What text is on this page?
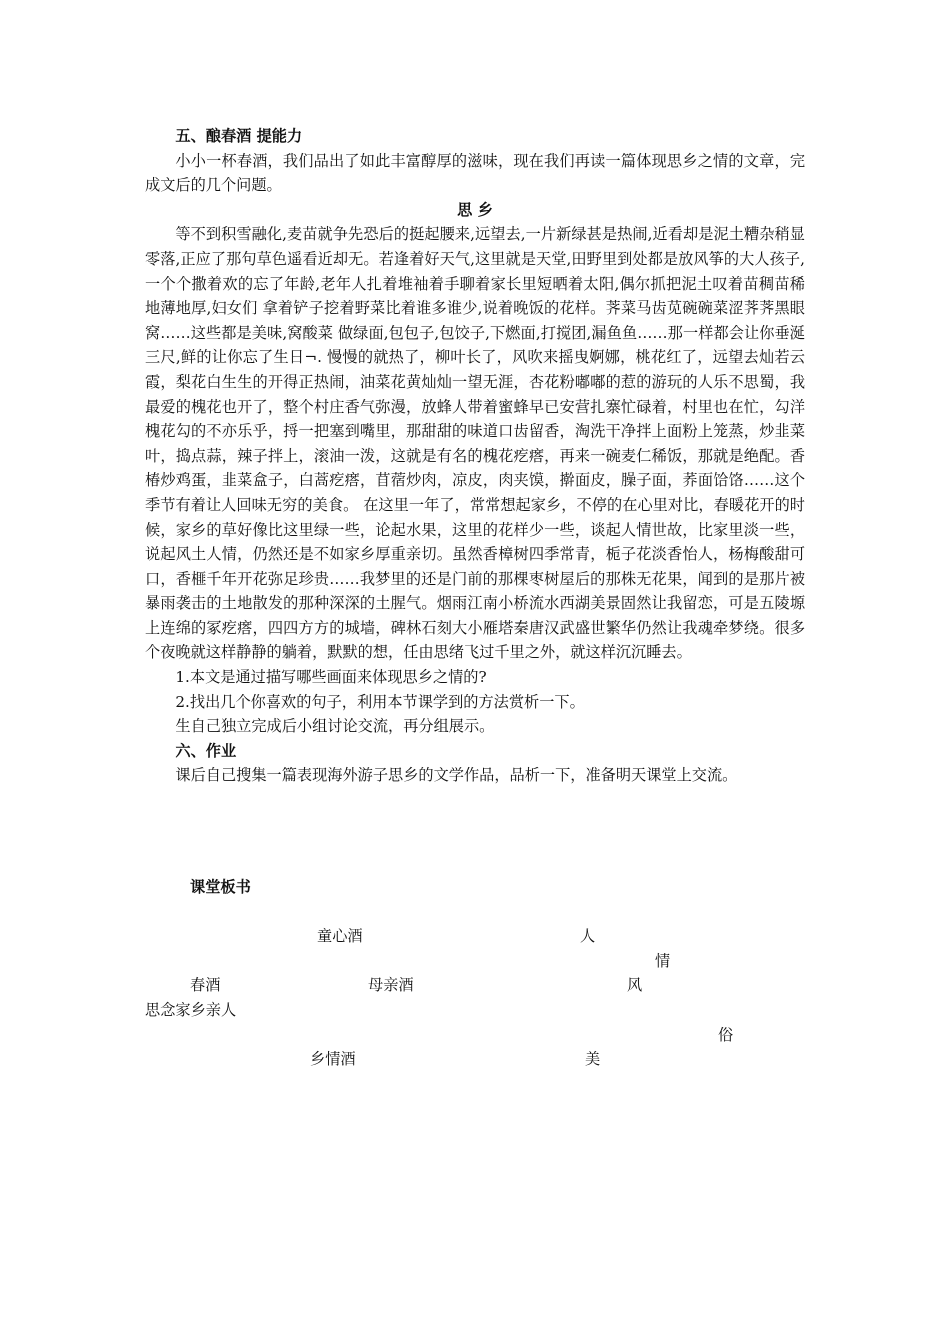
五、酿春酒 提能力

小小一杯春酒，我们品出了如此丰富醇厚的滋味，现在我们再读一篇体现思乡之情的文章，完成文后的几个问题。

思 乡

等不到积雪融化,麦苗就争先恐后的挺起腰来,远望去,一片新绿甚是热闹,近看却是泥土糟杂稍显零落,正应了那句草色遥看近却无。若逢着好天气,这里就是天堂,田野里到处都是放风筝的大人孩子,一个个撒着欢的忘了年龄,老年人扎着堆袖着手聊着家长里短晒着太阳,偶尔抓把泥土叹着苗稠苗稀地薄地厚,妇女们 拿着铲子挖着野菜比着谁多谁少,说着晚饭的花样。荠菜马齿苋碗碗菜涩荠荠黑眼窝……这些都是美味,窝酸菜 做绿面,包包子,包饺子,下燃面,打搅团,漏鱼鱼……那一样都会让你垂涎三尺,鲜的让你忘了生日¬. 慢慢的就热了，柳叶长了，风吹来摇曳婀娜，桃花红了，远望去灿若云霞，梨花白生生的开得正热闹，油菜花黄灿灿一望无涯，杏花粉嘟嘟的惹的游玩的人乐不思蜀，我最爱的槐花也开了，整个村庄香气弥漫，放蜂人带着蜜蜂早已安营扎寨忙碌着，村里也在忙，勾洋槐花勾的不亦乐乎，捋一把塞到嘴里，那甜甜的味道口齿留香，淘洗干净拌上面粉上笼蒸，炒韭菜叶，捣点蒜，辣子拌上，滚油一泼，这就是有名的槐花疙瘩，再来一碗麦仁稀饭，那就是绝配。香椿炒鸡蛋，韭菜盒子，白蒿疙瘩，苜蓿炒肉，凉皮，肉夹馍，擀面皮，臊子面，荞面饸饹……这个季节有着让人回味无穷的美食。 在这里一年了，常常想起家乡，不停的在心里对比，春暖花开的时候，家乡的草好像比这里绿一些，论起水果，这里的花样少一些，谈起人情世故，比家里淡一些，说起风土人情，仍然还是不如家乡厚重亲切。虽然香樟树四季常青，栀子花淡香怡人，杨梅酸甜可口，香榧千年开花弥足珍贵……我梦里的还是门前的那棵枣树屋后的那株无花果，闻到的是那片被暴雨袭击的土地散发的那种深深的土腥气。烟雨江南小桥流水西湖美景固然让我留恋，可是五陵塬上连绵的冢疙瘩，四四方方的城墙，碑林石刻大小雁塔秦唐汉武盛世繁华仍然让我魂牵梦绕。很多个夜晚就这样静静的躺着，默默的想，任由思绪飞过千里之外，就这样沉沉睡去。

1.本文是通过描写哪些画面来体现思乡之情的?

2.找出几个你喜欢的句子，利用本节课学到的方法赏析一下。

生自己独立完成后小组讨论交流，再分组展示。

六、作业

课后自己搜集一篇表现海外游子思乡的文学作品，品析一下，准备明天课堂上交流。

课堂板书
童心酒	人
情
春酒	母亲酒	风
思念家乡亲人
俗
乡情酒	美
